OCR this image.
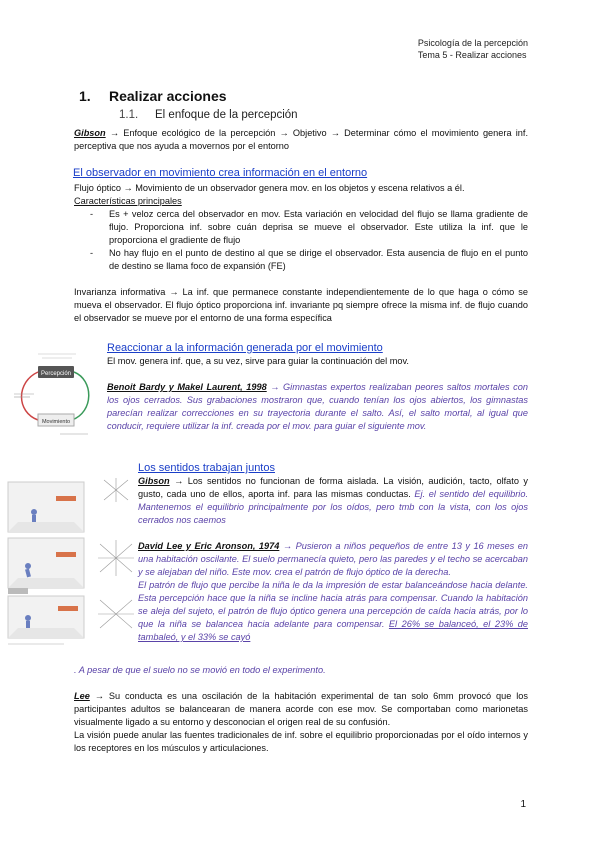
Psicología de la percepción
Tema 5 - Realizar acciones
1. Realizar acciones
1.1. El enfoque de la percepción
Gibson → Enfoque ecológico de la percepción → Objetivo → Determinar cómo el movimiento genera inf. perceptiva que nos ayuda a movernos por el entorno
El observador en movimiento crea información en el entorno
Flujo óptico → Movimiento de un observador genera mov. en los objetos y escena relativos a él.
Características principales
- Es + veloz cerca del observador en mov. Esta variación en velocidad del flujo se llama gradiente de flujo. Proporciona inf. sobre cuán deprisa se mueve el observador. Este utiliza la inf. que le proporciona el gradiente de flujo
- No hay flujo en el punto de destino al que se dirige el observador. Esta ausencia de flujo en el punto de destino se llama foco de expansión (FE)
Invarianza informativa → La inf. que permanece constante independientemente de lo que haga o cómo se mueva el observador. El flujo óptico proporciona inf. invariante pq siempre ofrece la misma inf. de flujo cuando el observador se mueve por el entorno de una forma específica
Percepción
Movimiento
Reaccionar a la información generada por el movimiento
El mov. genera inf. que, a su vez, sirve para guiar la continuación del mov.
Benoit Bardy y Makel Laurent, 1998 → Gimnastas expertos realizaban peores saltos mortales con los ojos cerrados. Sus grabaciones mostraron que, cuando tenían los ojos abiertos, los gimnastas parecían realizar correcciones en su trayectoria durante el salto. Así, el salto mortal, al igual que conducir, requiere utilizar la inf. creada por el mov. para guiar el siguiente mov.
Los sentidos trabajan juntos
Gibson → Los sentidos no funcionan de forma aislada. La visión, audición, tacto, olfato y gusto, cada uno de ellos, aporta inf. para las mismas conductas. Ej. el sentido del equilibrio. Mantenemos el equilibrio principalmente por los oídos, pero tmb con la vista, con los ojos cerrados nos caemos
David Lee y Eric Aronson, 1974 → Pusieron a niños pequeños de entre 13 y 16 meses en una habitación oscilante. El suelo permanecía quieto, pero las paredes y el techo se acercaban y se alejaban del niño. Este mov. crea el patrón de flujo óptico de la derecha.
El patrón de flujo que percibe la niña le da la impresión de estar balanceándose hacia delante. Esta percepción hace que la niña se incline hacia atrás para compensar. Cuando la habitación se aleja del sujeto, el patrón de flujo óptico genera una percepción de caída hacia atrás, por lo que la niña se balancea hacia adelante para compensar. El 26% se balanceó, el 23% de tambaleó, y el 33% se cayó
. A pesar de que el suelo no se movió en todo el experimento.
Lee → Su conducta es una oscilación de la habitación experimental de tan solo 6mm provocó que los participantes adultos se balancearan de manera acorde con ese mov. Se comportaban como marionetas visualmente ligado a su entorno y desconocian el origen real de su confusión.
La visión puede anular las fuentes tradicionales de inf. sobre el equilibrio proporcionadas por el oído internos y los receptores en los músculos y articulaciones.
1
